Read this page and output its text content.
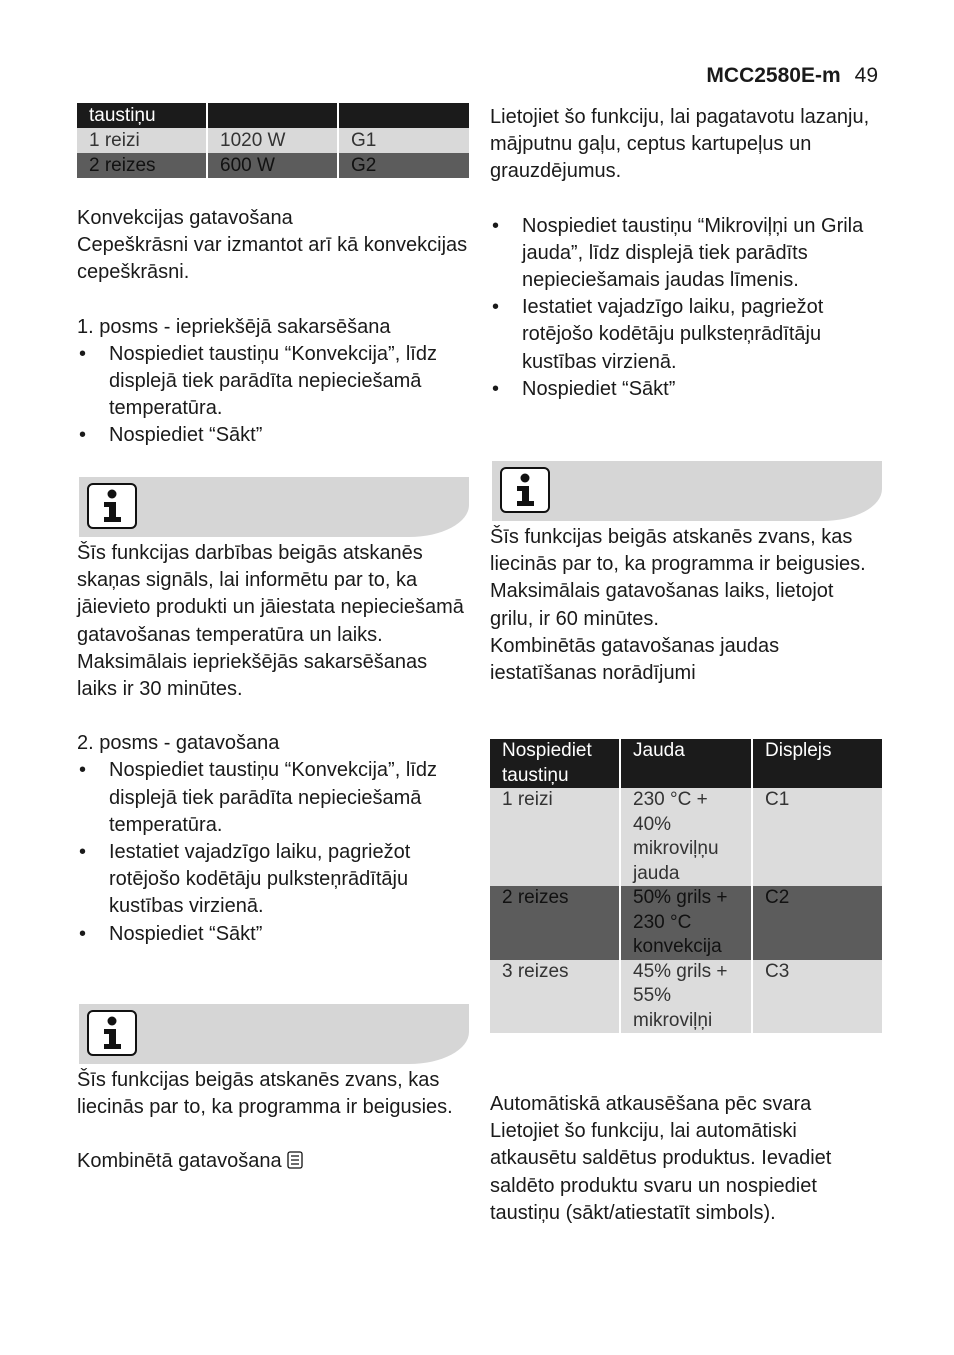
MCC2580E-m 49
taustiņu		
1 reizi	1020 W	G1
2 reizes	600 W	G2

Konvekcijas gatavošana

Cepeškrāsni var izmantot arī kā konvekcijas cepeškrāsni.

1. posms - iepriekšējā sakarsēšana

• Nospiediet taustiņu “Konvekcija”, līdz displejā tiek parādīta nepieciešamā temperatūra.
• Nospiediet “Sākt”

Šīs funkcijas darbības beigās atskanēs skaņas signāls, lai informētu par to, ka jāievieto produkti un jāiestata nepieciešamā gatavošanas temperatūra un laiks.

Maksimālais iepriekšējās sakarsēšanas laiks ir 30 minūtes.

2. posms - gatavošana

• Nospiediet taustiņu “Konvekcija”, līdz displejā tiek parādīta nepieciešamā temperatūra.
• Iestatiet vajadzīgo laiku, pagriežot rotējošo kodētāju pulksteņrādītāju kustības virzienā.
• Nospiediet “Sākt”

Šīs funkcijas beigās atskanēs zvans, kas liecinās par to, ka programma ir beigusies.

Kombinētā gatavošana

Lietojiet šo funkciju, lai pagatavotu lazanju, mājputnu gaļu, ceptus kartupeļus un grauzdējumus.

• Nospiediet taustiņu “Mikroviļņi un Grila jauda”, līdz displejā tiek parādīts nepieciešamais jaudas līmenis.
• Iestatiet vajadzīgo laiku, pagriežot rotējošo kodētāju pulksteņrādītāju kustības virzienā.
• Nospiediet “Sākt”

Šīs funkcijas beigās atskanēs zvans, kas liecinās par to, ka programma ir beigusies.

Maksimālais gatavošanas laiks, lietojot grilu, ir 60 minūtes.

Kombinētās gatavošanas jaudas iestatīšanas norādījumi

Nospiediet taustiņu	Jauda	Displejs
1 reizi	230 °C + 40% mikroviļņu jauda	C1
2 reizes	50% grils + 230 °C konvekcija	C2
3 reizes	45% grils + 55% mikroviļņi	C3

Automātiskā atkausēšana pēc svara

Lietojiet šo funkciju, lai automātiski atkausētu saldētus produktus. Ievadiet saldēto produktu svaru un nospiediet taustiņu (sākt/atiestatīt simbols).
